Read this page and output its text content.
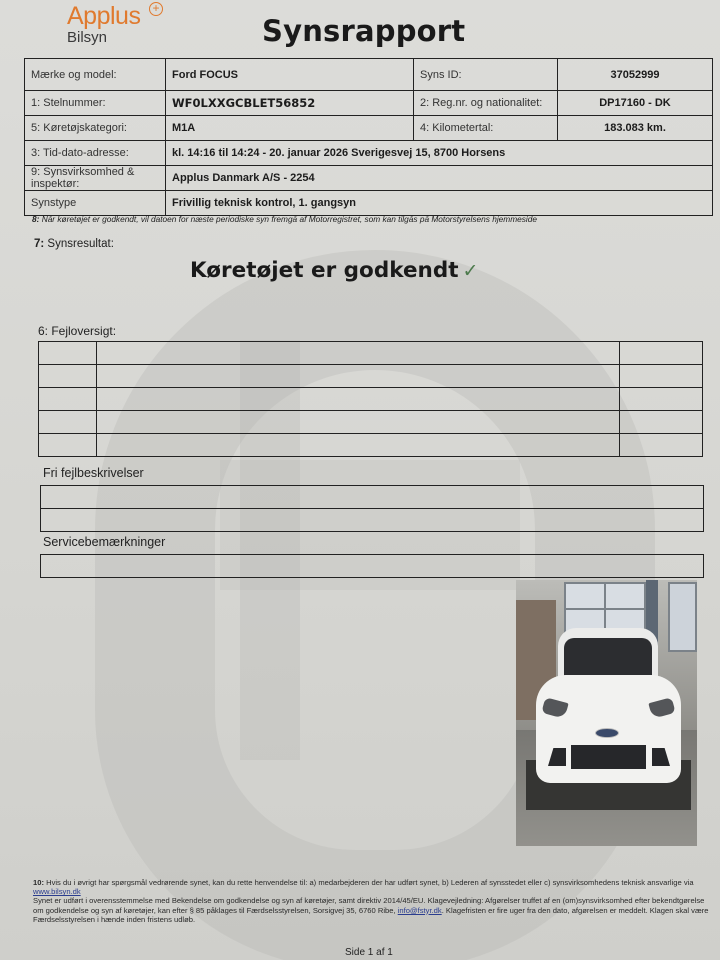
Applus +
Bilsyn	Synsrapport
Mærke og model:	Ford FOCUS	Syns ID:	37052999
1: Stelnummer:	WF0LXXGCBLET56852	2: Reg.nr. og nationalitet:	DP17160 - DK
5: Køretøjskategori:	M1A	4: Kilometertal:	183.083 km.
3: Tid-dato-adresse:	kl. 14:16 til 14:24 - 20. januar 2026 Sverigesvej 15, 8700 Horsens		
9: Synsvirksomhed & inspektør:	Applus Danmark A/S - 2254		
Synstype	Frivillig teknisk kontrol, 1. gangsyn		
8: Når køretøjet er godkendt, vil datoen for næste periodiske syn fremgå af Motorregistret, som kan tilgås på Motorstyrelsens hjemmeside
7: Synsresultat:
Køretøjet er godkendt ✓
6: Fejloversigt:

Fri fejlbeskrivelser

Servicebemærkninger
10: Hvis du i øvrigt har spørgsmål vedrørende synet, kan du rette henvendelse til: a) medarbejderen der har udført synet, b) Lederen af synsstedet eller c) synsvirksomhedens teknisk ansvarlige via www.bilsyn.dk
Synet er udført i overensstemmelse med Bekendelse om godkendelse og syn af køretøjer, samt direktiv 2014/45/EU. Klagevejledning: Afgørelser truffet af en (om)synsvirksomhed efter bekendtgørelse om godkendelse og syn af køretøjer, kan efter § 85 påklages til Færdselsstyrelsen, Sorsigvej 35, 6760 Ribe, info@fstyr.dk. Klagefristen er fire uger fra den dato, afgørelsen er meddelt. Klagen skal være Færdselsstyrelsen i hænde inden fristens udløb.
Side 1 af 1
